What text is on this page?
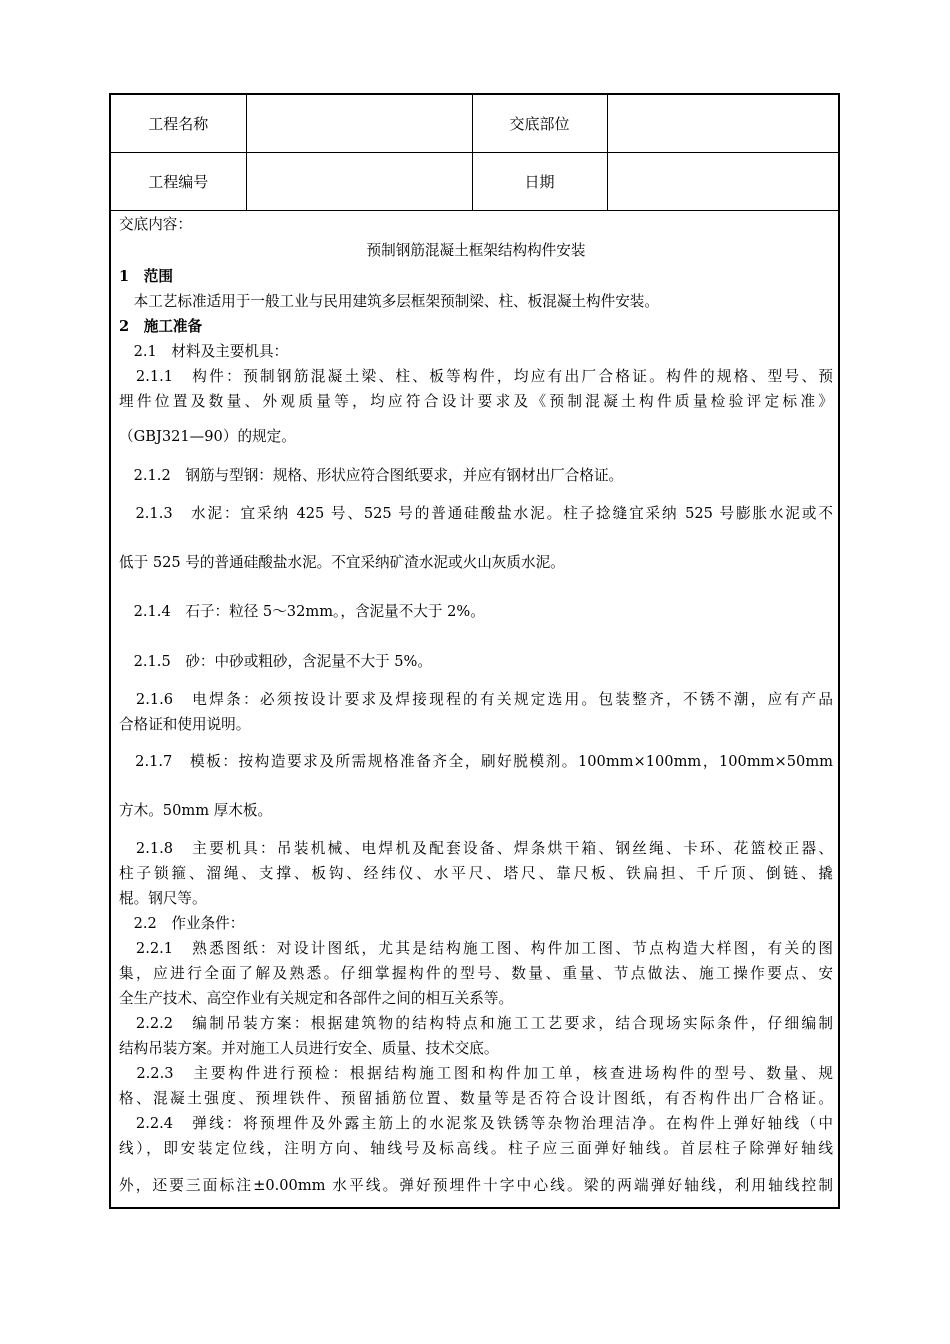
工程名称		交底部位	
工程编号		日期	
交底内容：
预制钢筋混凝土框架结构构件安装
1　范围
　本工艺标准适用于一般工业与民用建筑多层框架预制梁、柱、板混凝土构件安装。
2　施工准备
　2.1　材料及主要机具：
　2.1.1　构件：预制钢筋混凝土梁、柱、板等构件，均应有出厂合格证。构件的规格、型号、预
埋件位置及数量、外观质量等，均应符合设计要求及《预制混凝土构件质量检验评定标准》
（GBJ321—90）的规定。
　2.1.2　钢筋与型钢：规格、形状应符合图纸要求，并应有钢材出厂合格证。
　2.1.3　水泥：宜采纳 425 号、525 号的普通硅酸盐水泥。柱子捻缝宜采纳 525 号膨胀水泥或不
低于 525 号的普通硅酸盐水泥。不宜采纳矿渣水泥或火山灰质水泥。
　2.1.4　石子：粒径 5～32mm。，含泥量不大于 2%。
　2.1.5　砂：中砂或粗砂，含泥量不大于 5%。
　2.1.6　电焊条：必须按设计要求及焊接现程的有关规定选用。包装整齐，不锈不潮，应有产品
合格证和使用说明。
　2.1.7　模板：按构造要求及所需规格准备齐全，刷好脱模剂。100mm×100mm，100mm×50mm
方木。50mm 厚木板。
　2.1.8　主要机具：吊装机械、电焊机及配套设备、焊条烘干箱、钢丝绳、卡环、花篮校正器、
柱子锁箍、溜绳、支撑、板钩、经纬仪、水平尺、塔尺、靠尺板、铁扁担、千斤顶、倒链、撬
棍。钢尺等。
　2.2　作业条件：
　2.2.1　熟悉图纸：对设计图纸，尤其是结构施工图、构件加工图、节点构造大样图，有关的图
集，应进行全面了解及熟悉。仔细掌握构件的型号、数量、重量、节点做法、施工操作要点、安
全生产技术、高空作业有关规定和各部件之间的相互关系等。
　2.2.2　编制吊装方案：根据建筑物的结构特点和施工工艺要求，结合现场实际条件，仔细编制
结构吊装方案。并对施工人员进行安全、质量、技术交底。
　2.2.3　主要构件进行预检：根据结构施工图和构件加工单，核查进场构件的型号、数量、规
格、混凝土强度、预埋铁件、预留插筋位置、数量等是否符合设计图纸，有否构件出厂合格证。
　2.2.4　弹线：将预埋件及外露主筋上的水泥浆及铁锈等杂物治理洁净。在构件上弹好轴线（中
线），即安装定位线，注明方向、轴线号及标高线。柱子应三面弹好轴线。首层柱子除弹好轴线
外，还要三面标注±0.00mm 水平线。弹好预埋件十字中心线。梁的两端弹好轴线，利用轴线控制
